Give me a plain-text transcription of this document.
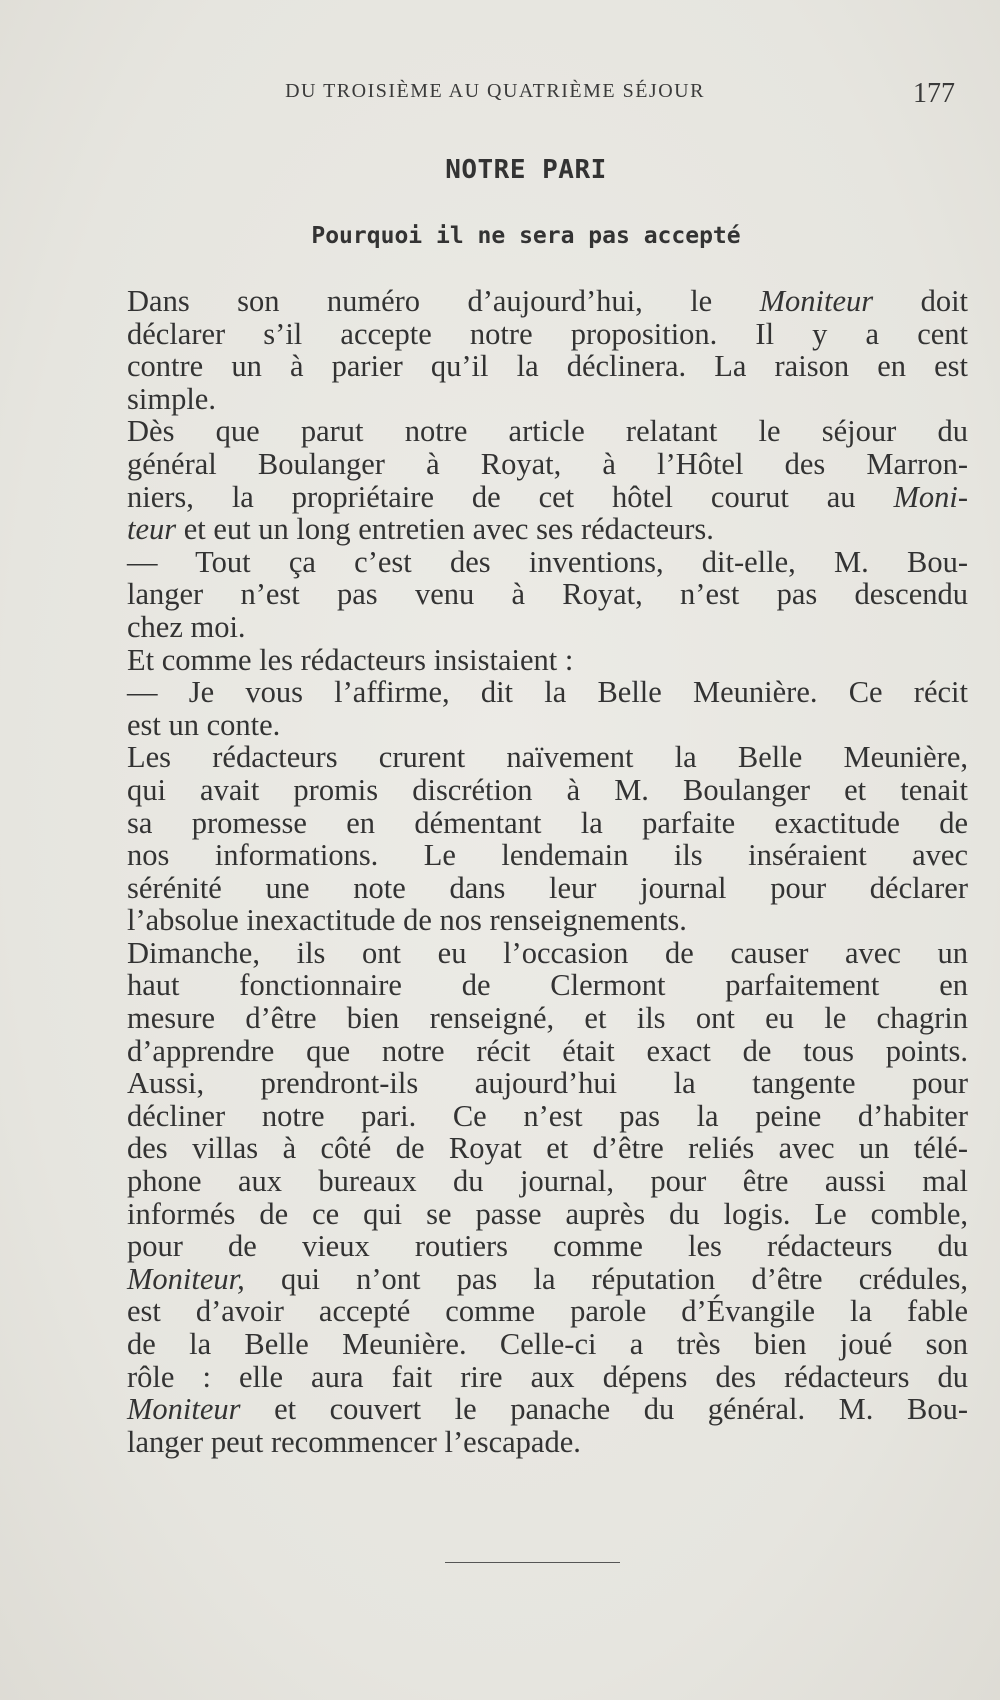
DU TROISIÈME AU QUATRIÈME SÉJOUR	177
NOTRE PARI
Pourquoi il ne sera pas accepté

Dans son numéro d’aujourd’hui, le Moniteur doit
déclarer s’il accepte notre proposition. Il y a cent
contre un à parier qu’il la déclinera. La raison en est
simple.

Dès que parut notre article relatant le séjour du
général Boulanger à Royat, à l’Hôtel des Marron-
niers, la propriétaire de cet hôtel courut au Moni-
teur et eut un long entretien avec ses rédacteurs.

— Tout ça c’est des inventions, dit-elle, M. Bou-
langer n’est pas venu à Royat, n’est pas descendu
chez moi.

Et comme les rédacteurs insistaient :

— Je vous l’affirme, dit la Belle Meunière. Ce récit
est un conte.

Les rédacteurs crurent naïvement la Belle Meunière,
qui avait promis discrétion à M. Boulanger et tenait
sa promesse en démentant la parfaite exactitude de
nos informations. Le lendemain ils inséraient avec
sérénité une note dans leur journal pour déclarer
l’absolue inexactitude de nos renseignements.

Dimanche, ils ont eu l’occasion de causer avec un
haut fonctionnaire de Clermont parfaitement en
mesure d’être bien renseigné, et ils ont eu le chagrin
d’apprendre que notre récit était exact de tous points.

Aussi, prendront-ils aujourd’hui la tangente pour
décliner notre pari. Ce n’est pas la peine d’habiter
des villas à côté de Royat et d’être reliés avec un télé-
phone aux bureaux du journal, pour être aussi mal
informés de ce qui se passe auprès du logis. Le comble,
pour de vieux routiers comme les rédacteurs du
Moniteur, qui n’ont pas la réputation d’être crédules,
est d’avoir accepté comme parole d’Évangile la fable
de la Belle Meunière. Celle-ci a très bien joué son
rôle : elle aura fait rire aux dépens des rédacteurs du
Moniteur et couvert le panache du général. M. Bou-
langer peut recommencer l’escapade.
